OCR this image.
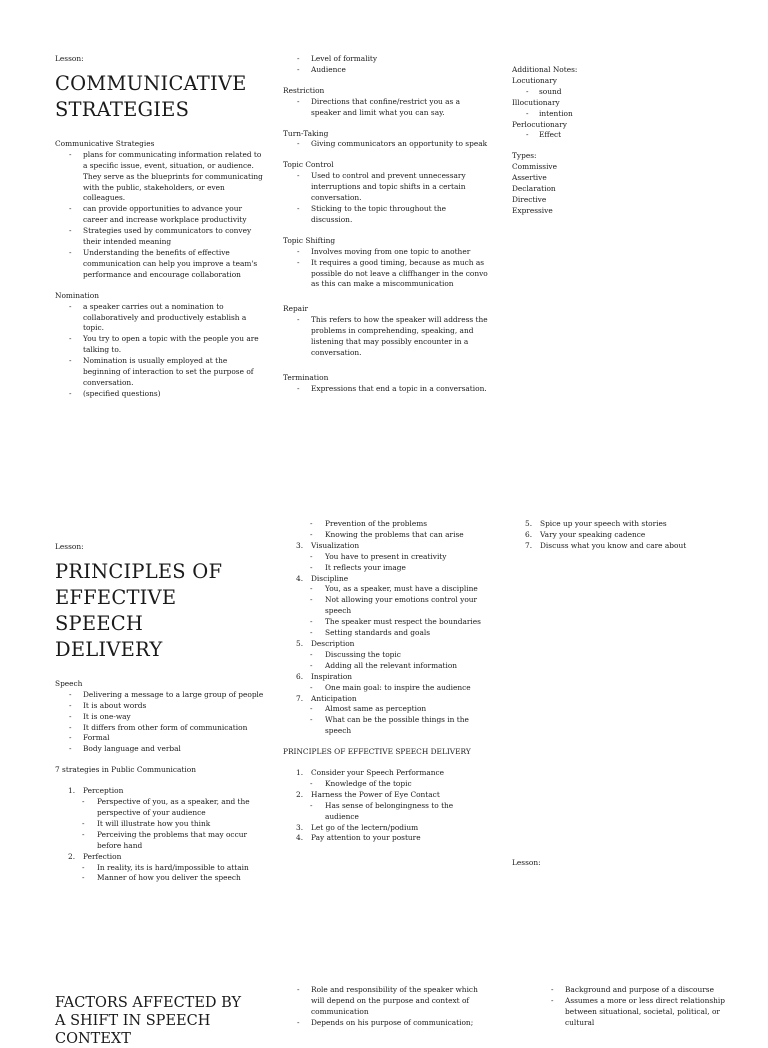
Lesson:
COMMUNICATIVE STRATEGIES
Communicative Strategies
- plans for communicating information related to a specific issue, event, situation, or audience. They serve as the blueprints for communicating with the public, stakeholders, or even colleagues.
- can provide opportunities to advance your career and increase workplace productivity
- Strategies used by communicators to convey their intended meaning
- Understanding the benefits of effective communication can help you improve a team's performance and encourage collaboration
Nomination
- a speaker carries out a nomination to collaboratively and productively establish a topic.
- You try to open a topic with the people you are talking to.
- Nomination is usually employed at the beginning of interaction to set the purpose of conversation.
- (specified questions)
- Level of formality
- Audience
Restriction
- Directions that confine/restrict you as a speaker and limit what you can say.
Turn-Taking
- Giving communicators an opportunity to speak
Topic Control
- Used to control and prevent unnecessary interruptions and topic shifts in a certain conversation.
- Sticking to the topic throughout the discussion.
Topic Shifting
- Involves moving from one topic to another
- It requires a good timing, because as much as possible do not leave a cliffhanger in the convo as this can make a miscommunication
Repair
- This refers to how the speaker will address the problems in comprehending, speaking, and listening that may possibly encounter in a conversation.
Termination
- Expressions that end a topic in a conversation.
Additional Notes:
Locutionary
- sound
Illocutionary
- intention
Perlocutionary
- Effect
Types:
Commissive
Assertive
Declaration
Directive
Expressive
Lesson:
PRINCIPLES OF EFFECTIVE SPEECH DELIVERY
Speech
- Delivering a message to a large group of people
- It is about words
- It is one-way
- It differs from other form of communication
- Formal
- Body language and verbal
7 strategies in Public Communication
1. Perception
- Perspective of you, as a speaker, and the perspective of your audience
- It will illustrate how you think
- Perceiving the problems that may occur before hand
2. Perfection
- In reality, its is hard/impossible to attain
- Manner of how you deliver the speech
- Prevention of the problems
- Knowing the problems that can arise
3. Visualization
- You have to present in creativity
- It reflects your image
4. Discipline
- You, as a speaker, must have a discipline
- Not allowing your emotions control your speech
- The speaker must respect the boundaries
- Setting standards and goals
5. Description
- Discussing the topic
- Adding all the relevant information
6. Inspiration
- One main goal: to inspire the audience
7. Anticipation
- Almost same as perception
- What can be the possible things in the speech
PRINCIPLES OF EFFECTIVE SPEECH DELIVERY
1. Consider your Speech Performance
- Knowledge of the topic
2. Harness the Power of Eye Contact
- Has sense of belongingness to the audience
3. Let go of the lectern/podium
4. Pay attention to your posture
5. Spice up your speech with stories
6. Vary your speaking cadence
7. Discuss what you know and care about
Lesson:
FACTORS AFFECTED BY A SHIFT IN SPEECH CONTEXT
- Role and responsibility of the speaker which will depend on the purpose and context of communication
- Depends on his purpose of communication;
- Background and purpose of a discourse
- Assumes a more or less direct relationship between situational, societal, political, or cultural
